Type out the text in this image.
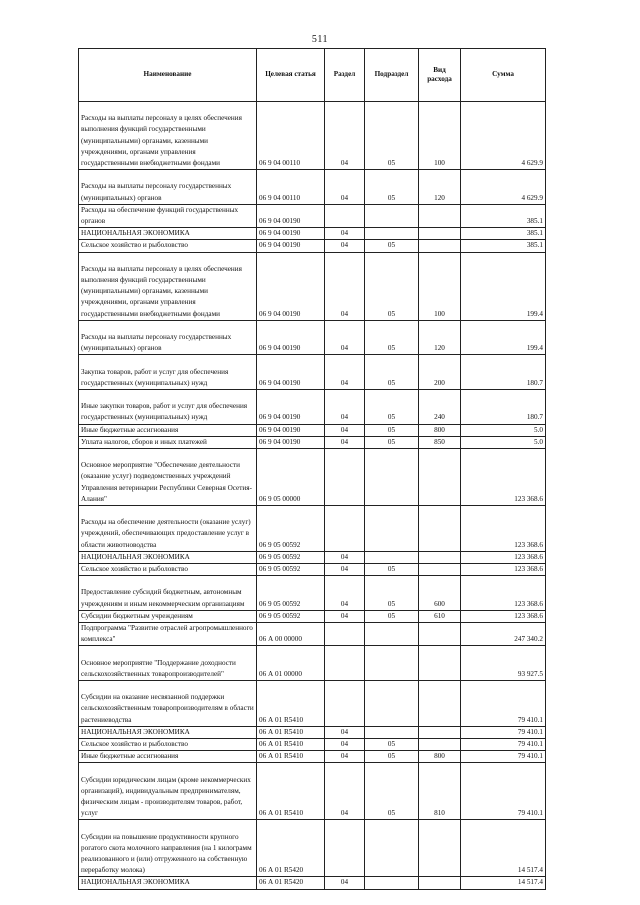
511
Наименование	Целевая статья	Раздел	Подраздел	Вид расхода	Сумма
Расходы на выплаты персоналу в целях обеспечения выполнения функций государственными (муниципальными) органами, казенными учреждениями, органами управления государственными внебюджетными фондами	06 9 04 00110	04	05	100	4 629.9
Расходы на выплаты персоналу государственных (муниципальных) органов	06 9 04 00110	04	05	120	4 629.9
Расходы на обеспечение функций государственных органов	06 9 04 00190				385.1
НАЦИОНАЛЬНАЯ ЭКОНОМИКА	06 9 04 00190	04			385.1
Сельское хозяйство и рыболовство	06 9 04 00190	04	05		385.1
Расходы на выплаты персоналу в целях обеспечения выполнения функций государственными (муниципальными) органами, казенными учреждениями, органами управления государственными внебюджетными фондами	06 9 04 00190	04	05	100	199.4
Расходы на выплаты персоналу государственных (муниципальных) органов	06 9 04 00190	04	05	120	199.4
Закупка товаров, работ и услуг для обеспечения государственных (муниципальных) нужд	06 9 04 00190	04	05	200	180.7
Иные закупки товаров, работ и услуг для обеспечения государственных (муниципальных) нужд	06 9 04 00190	04	05	240	180.7
Иные бюджетные ассигнования	06 9 04 00190	04	05	800	5.0
Уплата налогов, сборов и иных платежей	06 9 04 00190	04	05	850	5.0
Основное мероприятие "Обеспечение деятельности (оказание услуг) подведомственных учреждений Управления ветеринарии Республики Северная Осетия-Алания"	06 9 05 00000				123 368.6
Расходы на обеспечение деятельности (оказание услуг) учреждений, обеспечивающих предоставление услуг в области животноводства	06 9 05 00592				123 368.6
НАЦИОНАЛЬНАЯ ЭКОНОМИКА	06 9 05 00592	04			123 368.6
Сельское хозяйство и рыболовство	06 9 05 00592	04	05		123 368.6
Предоставление субсидий бюджетным, автономным учреждениям и иным некоммерческим организациям	06 9 05 00592	04	05	600	123 368.6
Субсидии бюджетным учреждениям	06 9 05 00592	04	05	610	123 368.6
Подпрограмма "Развитие отраслей агропромышленного комплекса"	06 А 00 00000				247 340.2
Основное мероприятие "Поддержание доходности сельскохозяйственных товаропроизводителей"	06 А 01 00000				93 927.5
Субсидии на оказание несвязанной поддержки сельскохозяйственным товаропроизводителям в области растениеводства	06 А 01 R5410				79 410.1
НАЦИОНАЛЬНАЯ ЭКОНОМИКА	06 А 01 R5410	04			79 410.1
Сельское хозяйство и рыболовство	06 А 01 R5410	04	05		79 410.1
Иные бюджетные ассигнования	06 А 01 R5410	04	05	800	79 410.1
Субсидии юридическим лицам (кроме некоммерческих организаций), индивидуальным предпринимателям, физическим лицам - производителям товаров, работ, услуг	06 А 01 R5410	04	05	810	79 410.1
Субсидии на повышение продуктивности крупного рогатого скота молочного направления (на 1 килограмм реализованного и (или) отгруженного на собственную переработку молока)	06 А 01 R5420				14 517.4
НАЦИОНАЛЬНАЯ ЭКОНОМИКА	06 А 01 R5420	04			14 517.4
